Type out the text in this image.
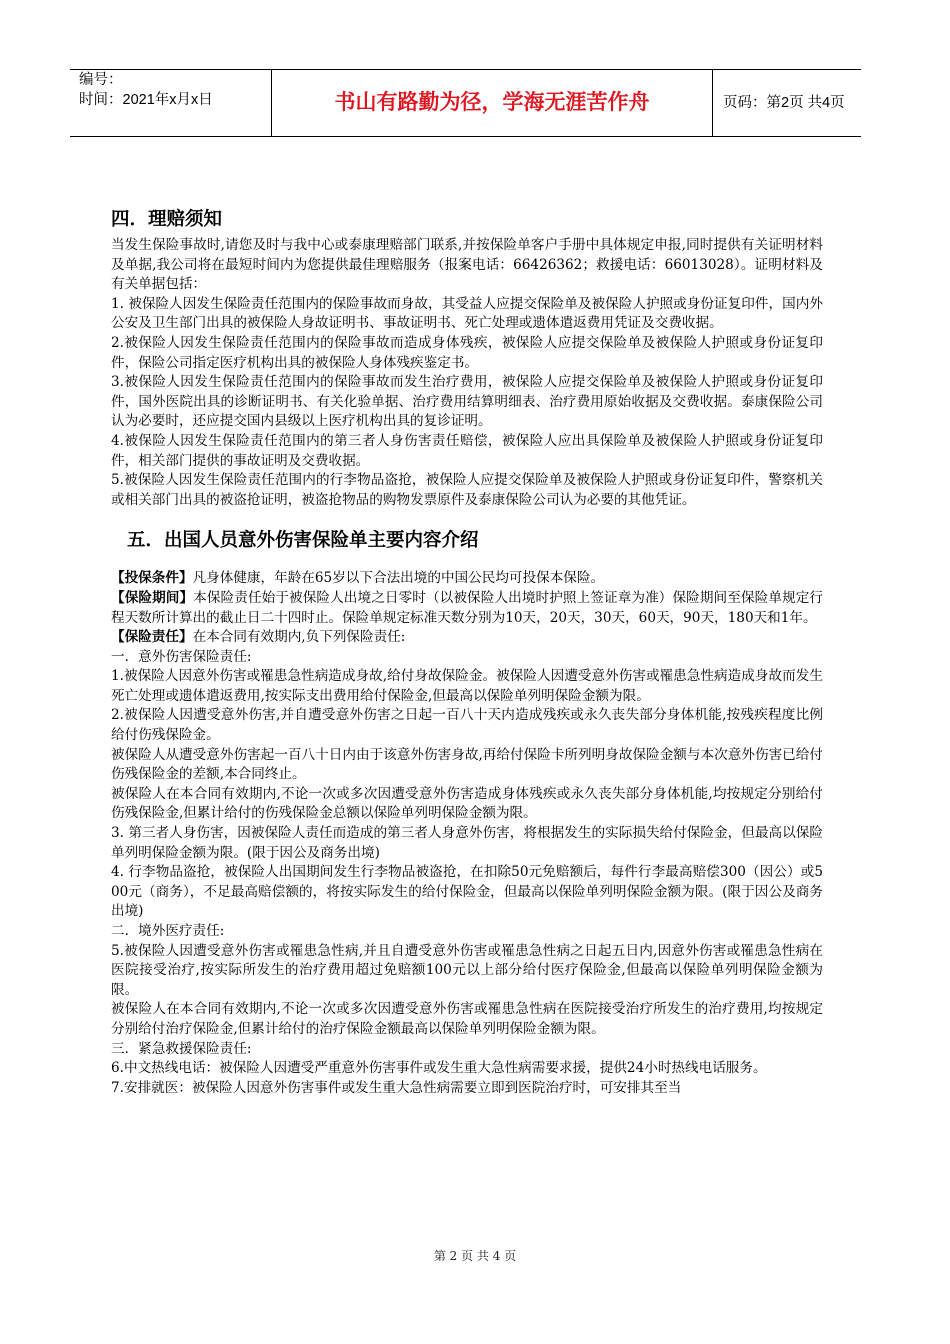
编号：
时间：2021年x月x日	书山有路勤为径，学海无涯苦作舟	页码：第2页 共4页
四．理赔须知

当发生保险事故时,请您及时与我中心或泰康理赔部门联系,并按保险单客户手册中具体规定申报,同时提供有关证明材料及单据,我公司将在最短时间内为您提供最佳理赔服务（报案电话：66426362；救援电话：66013028）。证明材料及有关单据包括：

1. 被保险人因发生保险责任范围内的保险事故而身故，其受益人应提交保险单及被保险人护照或身份证复印件，国内外公安及卫生部门出具的被保险人身故证明书、事故证明书、死亡处理或遗体遣返费用凭证及交费收据。

2.被保险人因发生保险责任范围内的保险事故而造成身体残疾，被保险人应提交保险单及被保险人护照或身份证复印件，保险公司指定医疗机构出具的被保险人身体残疾鉴定书。

3.被保险人因发生保险责任范围内的保险事故而发生治疗费用，被保险人应提交保险单及被保险人护照或身份证复印件，国外医院出具的诊断证明书、有关化验单据、治疗费用结算明细表、治疗费用原始收据及交费收据。泰康保险公司认为必要时，还应提交国内县级以上医疗机构出具的复诊证明。

4.被保险人因发生保险责任范围内的第三者人身伤害责任赔偿，被保险人应出具保险单及被保险人护照或身份证复印件，相关部门提供的事故证明及交费收据。

5.被保险人因发生保险责任范围内的行李物品盗抢，被保险人应提交保险单及被保险人护照或身份证复印件，警察机关或相关部门出具的被盗抢证明，被盗抢物品的购物发票原件及泰康保险公司认为必要的其他凭证。

五．出国人员意外伤害保险单主要内容介绍

【投保条件】凡身体健康，年龄在65岁以下合法出境的中国公民均可投保本保险。

【保险期间】本保险责任始于被保险人出境之日零时（以被保险人出境时护照上签证章为准）保险期间至保险单规定行程天数所计算出的截止日二十四时止。保险单规定标准天数分别为10天，20天，30天，60天，90天，180天和1年。

【保险责任】在本合同有效期内,负下列保险责任:

一．意外伤害保险责任:

1.被保险人因意外伤害或罹患急性病造成身故,给付身故保险金。被保险人因遭受意外伤害或罹患急性病造成身故而发生死亡处理或遗体遣返费用,按实际支出费用给付保险金,但最高以保险单列明保险金额为限。

2.被保险人因遭受意外伤害,并自遭受意外伤害之日起一百八十天内造成残疾或永久丧失部分身体机能,按残疾程度比例给付伤残保险金。

被保险人从遭受意外伤害起一百八十日内由于该意外伤害身故,再给付保险卡所列明身故保险金额与本次意外伤害已给付伤残保险金的差额,本合同终止。

被保险人在本合同有效期内,不论一次或多次因遭受意外伤害造成身体残疾或永久丧失部分身体机能,均按规定分别给付伤残保险金,但累计给付的伤残保险金总额以保险单列明保险金额为限。

3. 第三者人身伤害，因被保险人责任而造成的第三者人身意外伤害，将根据发生的实际损失给付保险金，但最高以保险单列明保险金额为限。(限于因公及商务出境)

4. 行李物品盗抢，被保险人出国期间发生行李物品被盗抢，在扣除50元免赔额后，每件行李最高赔偿300（因公）或500元（商务），不足最高赔偿额的，将按实际发生的给付保险金，但最高以保险单列明保险金额为限。(限于因公及商务出境)

二．境外医疗责任:

5.被保险人因遭受意外伤害或罹患急性病,并且自遭受意外伤害或罹患急性病之日起五日内,因意外伤害或罹患急性病在医院接受治疗,按实际所发生的治疗费用超过免赔额100元以上部分给付医疗保险金,但最高以保险单列明保险金额为限。

被保险人在本合同有效期内,不论一次或多次因遭受意外伤害或罹患急性病在医院接受治疗所发生的治疗费用,均按规定分别给付治疗保险金,但累计给付的治疗保险金额最高以保险单列明保险金额为限。

三．紧急救援保险责任:

6.中文热线电话：被保险人因遭受严重意外伤害事件或发生重大急性病需要求援，提供24小时热线电话服务。

7.安排就医：被保险人因意外伤害事件或发生重大急性病需要立即到医院治疗时，可安排其至当

第 2 页 共 4 页
